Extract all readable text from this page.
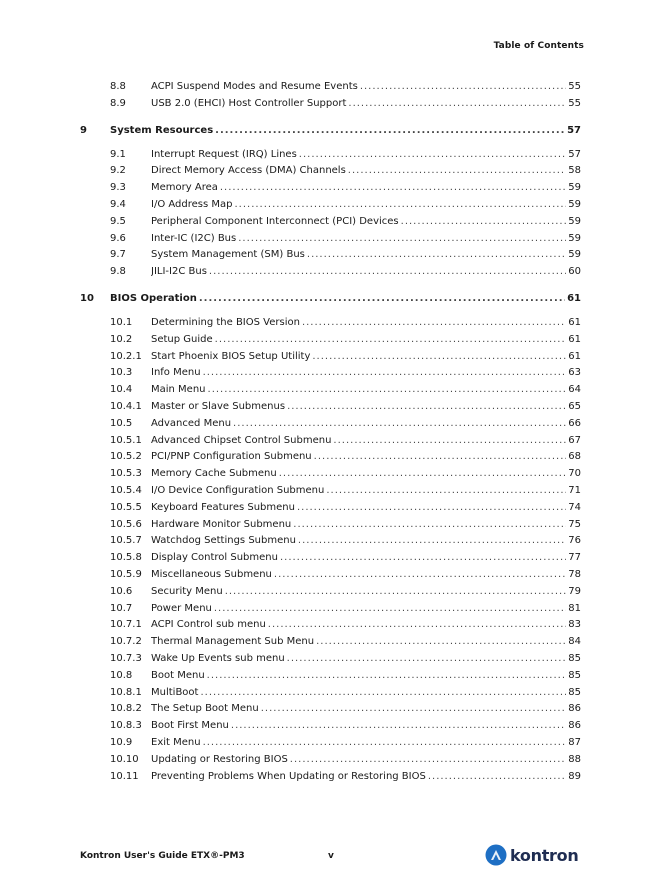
Table of Contents
8.8	ACPI Suspend Modes and Resume Events .....	55
8.9	USB 2.0 (EHCI) Host Controller Support .....	55
9 System Resources .....	57
9.1	Interrupt Request (IRQ) Lines .....	57
9.2	Direct Memory Access (DMA) Channels .....	58
9.3	Memory Area .....	59
9.4	I/O Address Map .....	59
9.5	Peripheral Component Interconnect (PCI) Devices .....	59
9.6	Inter-IC (I2C) Bus .....	59
9.7	System Management (SM) Bus .....	59
9.8	JILI-I2C Bus .....	60
10 BIOS Operation .....	61
10.1 Determining the BIOS Version .....	61
10.2 Setup Guide .....	61
10.2.1 Start Phoenix BIOS Setup Utility .....	61
10.3 Info Menu .....	63
10.4 Main Menu .....	64
10.4.1 Master or Slave Submenus .....	65
10.5 Advanced Menu .....	66
10.5.1 Advanced Chipset Control Submenu .....	67
10.5.2 PCI/PNP Configuration Submenu .....	68
10.5.3 Memory Cache Submenu .....	70
10.5.4 I/O Device Configuration Submenu .....	71
10.5.5 Keyboard Features Submenu .....	74
10.5.6 Hardware Monitor Submenu .....	75
10.5.7 Watchdog Settings Submenu .....	76
10.5.8 Display Control Submenu .....	77
10.5.9 Miscellaneous Submenu .....	78
10.6 Security Menu .....	79
10.7 Power Menu .....	81
10.7.1 ACPI Control sub menu .....	83
10.7.2 Thermal Management Sub Menu .....	84
10.7.3 Wake Up Events sub menu .....	85
10.8 Boot Menu .....	85
10.8.1 MultiBoot .....	85
10.8.2 The Setup Boot Menu .....	86
10.8.3 Boot First Menu .....	86
10.9 Exit Menu .....	87
10.10 Updating or Restoring BIOS .....	88
10.11 Preventing Problems When Updating or Restoring BIOS .....	89
Kontron User's Guide ETX®-PM3	v	kontron
